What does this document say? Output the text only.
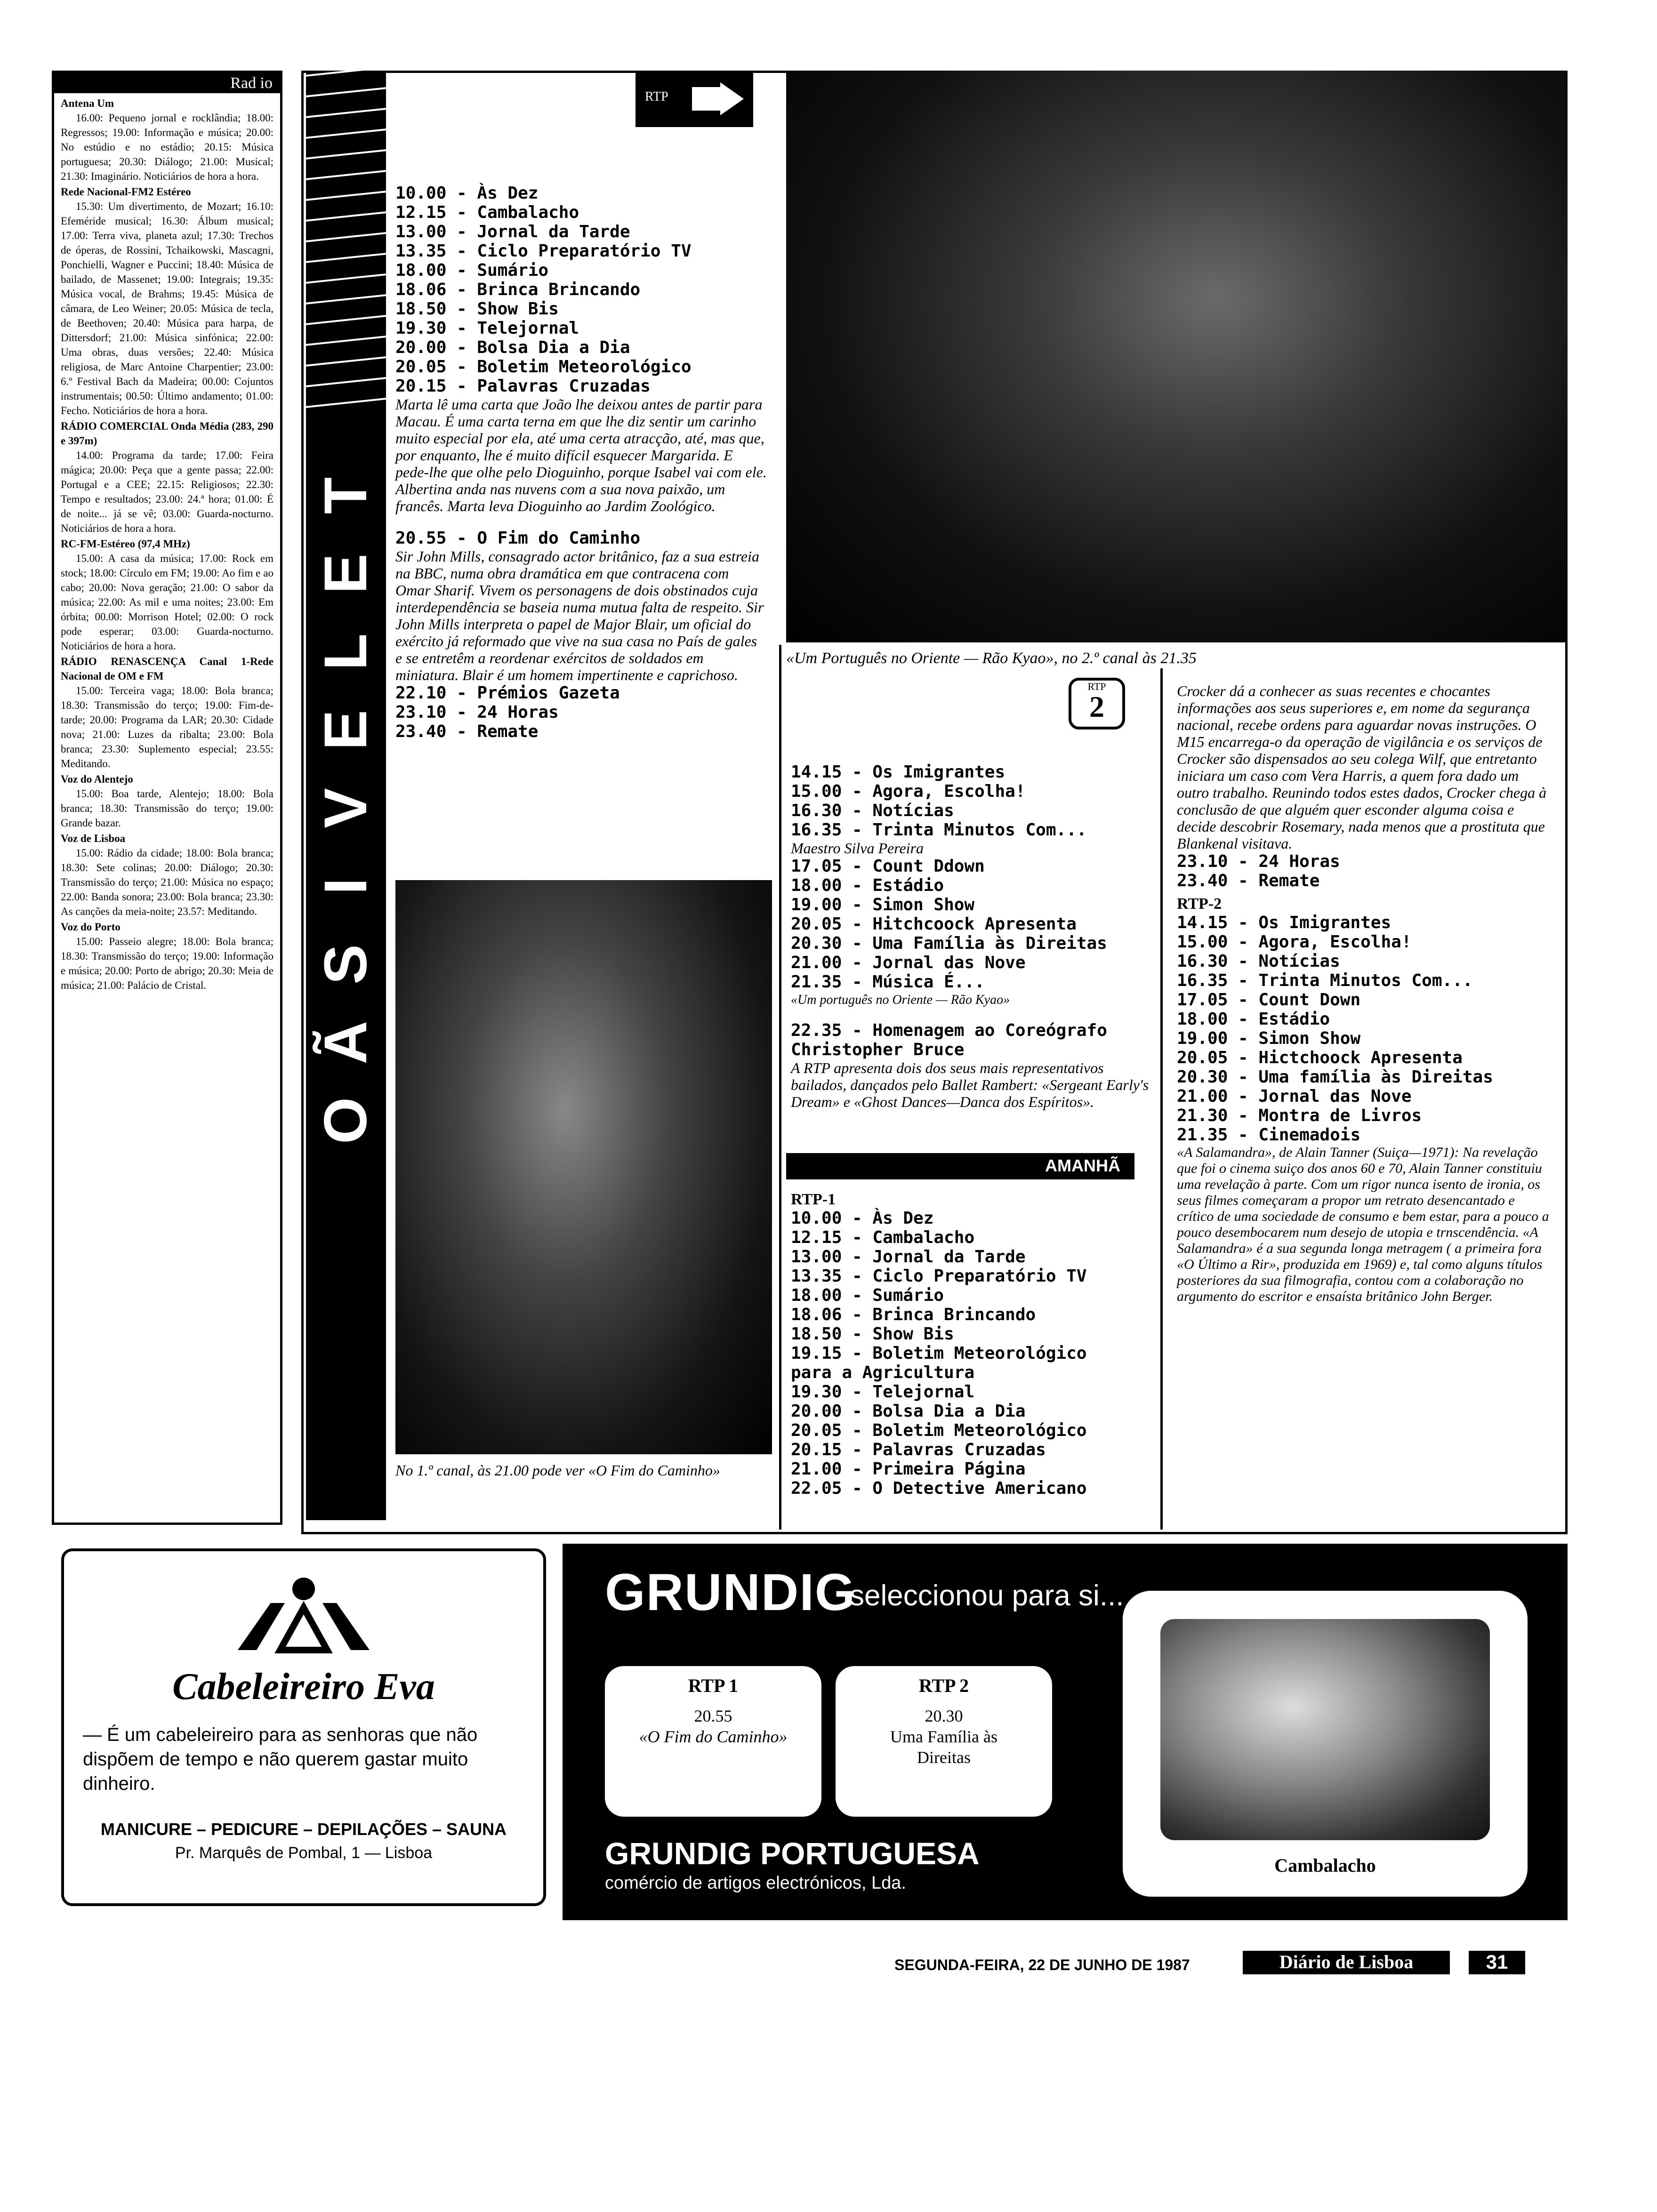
Rad io
Antena Um

16.00: Pequeno jornal e rocklândia; 18.00: Regressos; 19.00: Informação e música; 20.00: No estúdio e no estádio; 20.15: Música portuguesa; 20.30: Diálogo; 21.00: Musical; 21.30: Imaginário. Noticiários de hora a hora.

Rede Nacional-FM2 Estéreo

15.30: Um divertimento, de Mozart; 16.10: Efeméride musical; 16.30: Álbum musical; 17.00: Terra viva, planeta azul; 17.30: Trechos de óperas, de Rossini, Tchaikowski, Mascagni, Ponchielli, Wagner e Puccini; 18.40: Música de bailado, de Massenet; 19.00: Integrais; 19.35: Música vocal, de Brahms; 19.45: Música de câmara, de Leo Weiner; 20.05: Música de tecla, de Beethoven; 20.40: Música para harpa, de Dittersdorf; 21.00: Música sinfónica; 22.00: Uma obras, duas versões; 22.40: Música religiosa, de Marc Antoine Charpentier; 23.00: 6.º Festival Bach da Madeira; 00.00: Cojuntos instrumentais; 00.50: Último andamento; 01.00: Fecho. Noticiários de hora a hora.

RÁDIO COMERCIAL Onda Média (283, 290 e 397m)

14.00: Programa da tarde; 17.00: Feira mágica; 20.00: Peça que a gente passa; 22.00: Portugal e a CEE; 22.15: Religiosos; 22.30: Tempo e resultados; 23.00: 24.ª hora; 01.00: É de noite... já se vê; 03.00: Guarda-nocturno. Noticiários de hora a hora.

RC-FM-Estéreo (97,4 MHz)

15.00: A casa da música; 17.00: Rock em stock; 18.00: Círculo em FM; 19.00: Ao fim e ao cabo; 20.00: Nova geração; 21.00: O sabor da música; 22.00: As mil e uma noites; 23.00: Em órbita; 00.00: Morrison Hotel; 02.00: O rock pode esperar; 03.00: Guarda-nocturno. Noticiários de hora a hora.

RÁDIO RENASCENÇA Canal 1-Rede Nacional de OM e FM

15.00: Terceira vaga; 18.00: Bola branca; 18.30: Transmissão do terço; 19.00: Fim-de-tarde; 20.00: Programa da LAR; 20.30: Cidade nova; 21.00: Luzes da ribalta; 23.00: Bola branca; 23.30: Suplemento especial; 23.55: Meditando.

Voz do Alentejo

15.00: Boa tarde, Alentejo; 18.00: Bola branca; 18.30: Transmissão do terço; 19.00: Grande bazar.

Voz de Lisboa

15.00: Rádio da cidade; 18.00: Bola branca; 18.30: Sete colinas; 20.00: Diálogo; 20.30: Transmissão do terço; 21.00: Música no espaço; 22.00: Banda sonora; 23.00: Bola branca; 23.30: As canções da meia-noite; 23.57: Meditando.

Voz do Porto

15.00: Passeio alegre; 18.00: Bola branca; 18.30: Transmissão do terço; 19.00: Informação e música; 20.00: Porto de abrigo; 20.30: Meia de música; 21.00: Palácio de Cristal.

T
E
L
E
V
I
S
Ã
O
RTP
10.00 - Às Dez
12.15 - Cambalacho
13.00 - Jornal da Tarde
13.35 - Ciclo Preparatório TV
18.00 - Sumário
18.06 - Brinca Brincando
18.50 - Show Bis
19.30 - Telejornal
20.00 - Bolsa Dia a Dia
20.05 - Boletim Meteorológico
20.15 - Palavras Cruzadas
Marta lê uma carta que João lhe deixou antes de partir para Macau. É uma carta terna em que lhe diz sentir um carinho muito especial por ela, até uma certa atracção, até, mas que, por enquanto, lhe é muito difícil esquecer Margarida. E pede-lhe que olhe pelo Dioguinho, porque Isabel vai com ele. Albertina anda nas nuvens com a sua nova paixão, um francês. Marta leva Dioguinho ao Jardim Zoológico.
20.55 - O Fim do Caminho
Sir John Mills, consagrado actor britânico, faz a sua estreia na BBC, numa obra dramática em que contracena com Omar Sharif. Vivem os personagens de dois obstinados cuja interdependência se baseia numa mutua falta de respeito. Sir John Mills interpreta o papel de Major Blair, um oficial do exército já reformado que vive na sua casa no País de gales e se entretêm a reordenar exércitos de soldados em miniatura. Blair é um homem impertinente e caprichoso.
22.10 - Prémios Gazeta
23.10 - 24 Horas
23.40 - Remate
«Um Português no Oriente — Rão Kyao», no 2.º canal às 21.35
No 1.º canal, às 21.00 pode ver «O Fim do Caminho»
RTP
2
14.15 - Os Imigrantes
15.00 - Agora, Escolha!
16.30 - Notícias
16.35 - Trinta Minutos Com...
Maestro Silva Pereira
17.05 - Count Ddown
18.00 - Estádio
19.00 - Simon Show
20.05 - Hitchcoock Apresenta
20.30 - Uma Família às Direitas
21.00 - Jornal das Nove
21.35 - Música É...
«Um português no Oriente — Rão Kyao»
22.35 - Homenagem ao Coreógrafo
Christopher Bruce
A RTP apresenta dois dos seus mais representativos bailados, dançados pelo Ballet Rambert: «Sergeant Early's Dream» e «Ghost Dances—Danca dos Espíritos».
AMANHÃ
RTP-1
10.00 - Às Dez
12.15 - Cambalacho
13.00 - Jornal da Tarde
13.35 - Ciclo Preparatório TV
18.00 - Sumário
18.06 - Brinca Brincando
18.50 - Show Bis
19.15 - Boletim Meteorológico
para a Agricultura
19.30 - Telejornal
20.00 - Bolsa Dia a Dia
20.05 - Boletim Meteorológico
20.15 - Palavras Cruzadas
21.00 - Primeira Página
22.05 - O Detective Americano
Crocker dá a conhecer as suas recentes e chocantes informações aos seus superiores e, em nome da segurança nacional, recebe ordens para aguardar novas instruções. O M15 encarrega-o da operação de vigilância e os serviços de Crocker são dispensados ao seu colega Wilf, que entretanto iniciara um caso com Vera Harris, a quem fora dado um outro trabalho. Reunindo todos estes dados, Crocker chega à conclusão de que alguém quer esconder alguma coisa e decide descobrir Rosemary, nada menos que a prostituta que Blankenal visitava.
23.10 - 24 Horas
23.40 - Remate
RTP-2
14.15 - Os Imigrantes
15.00 - Agora, Escolha!
16.30 - Notícias
16.35 - Trinta Minutos Com...
17.05 - Count Down
18.00 - Estádio
19.00 - Simon Show
20.05 - Hictchoock Apresenta
20.30 - Uma família às Direitas
21.00 - Jornal das Nove
21.30 - Montra de Livros
21.35 - Cinemadois
«A Salamandra», de Alain Tanner (Suiça—1971): Na revelação que foi o cinema suiço dos anos 60 e 70, Alain Tanner constituiu uma revelação à parte. Com um rigor nunca isento de ironia, os seus filmes começaram a propor um retrato desencantado e crítico de uma sociedade de consumo e bem estar, para a pouco a pouco desembocarem num desejo de utopia e trnscendência. «A Salamandra» é a sua segunda longa metragem ( a primeira fora «O Último a Rir», produzida em 1969) e, tal como alguns títulos posteriores da sua filmografia, contou com a colaboração no argumento do escritor e ensaísta britânico John Berger.
Cabeleireiro Eva
— É um cabeleireiro para as senhoras que não dispõem de tempo e não querem gastar muito dinheiro.
MANICURE – PEDICURE – DEPILAÇÕES – SAUNA
Pr. Marquês de Pombal, 1 — Lisboa
GRUNDIG
seleccionou para si...
RTP 1
20.55
«O Fim do Caminho»
RTP 2
20.30
Uma Família às Direitas
GRUNDIG PORTUGUESA
comércio de artigos electrónicos, Lda.
Cambalacho
SEGUNDA-FEIRA, 22 DE JUNHO DE 1987	Diário de Lisboa	31
